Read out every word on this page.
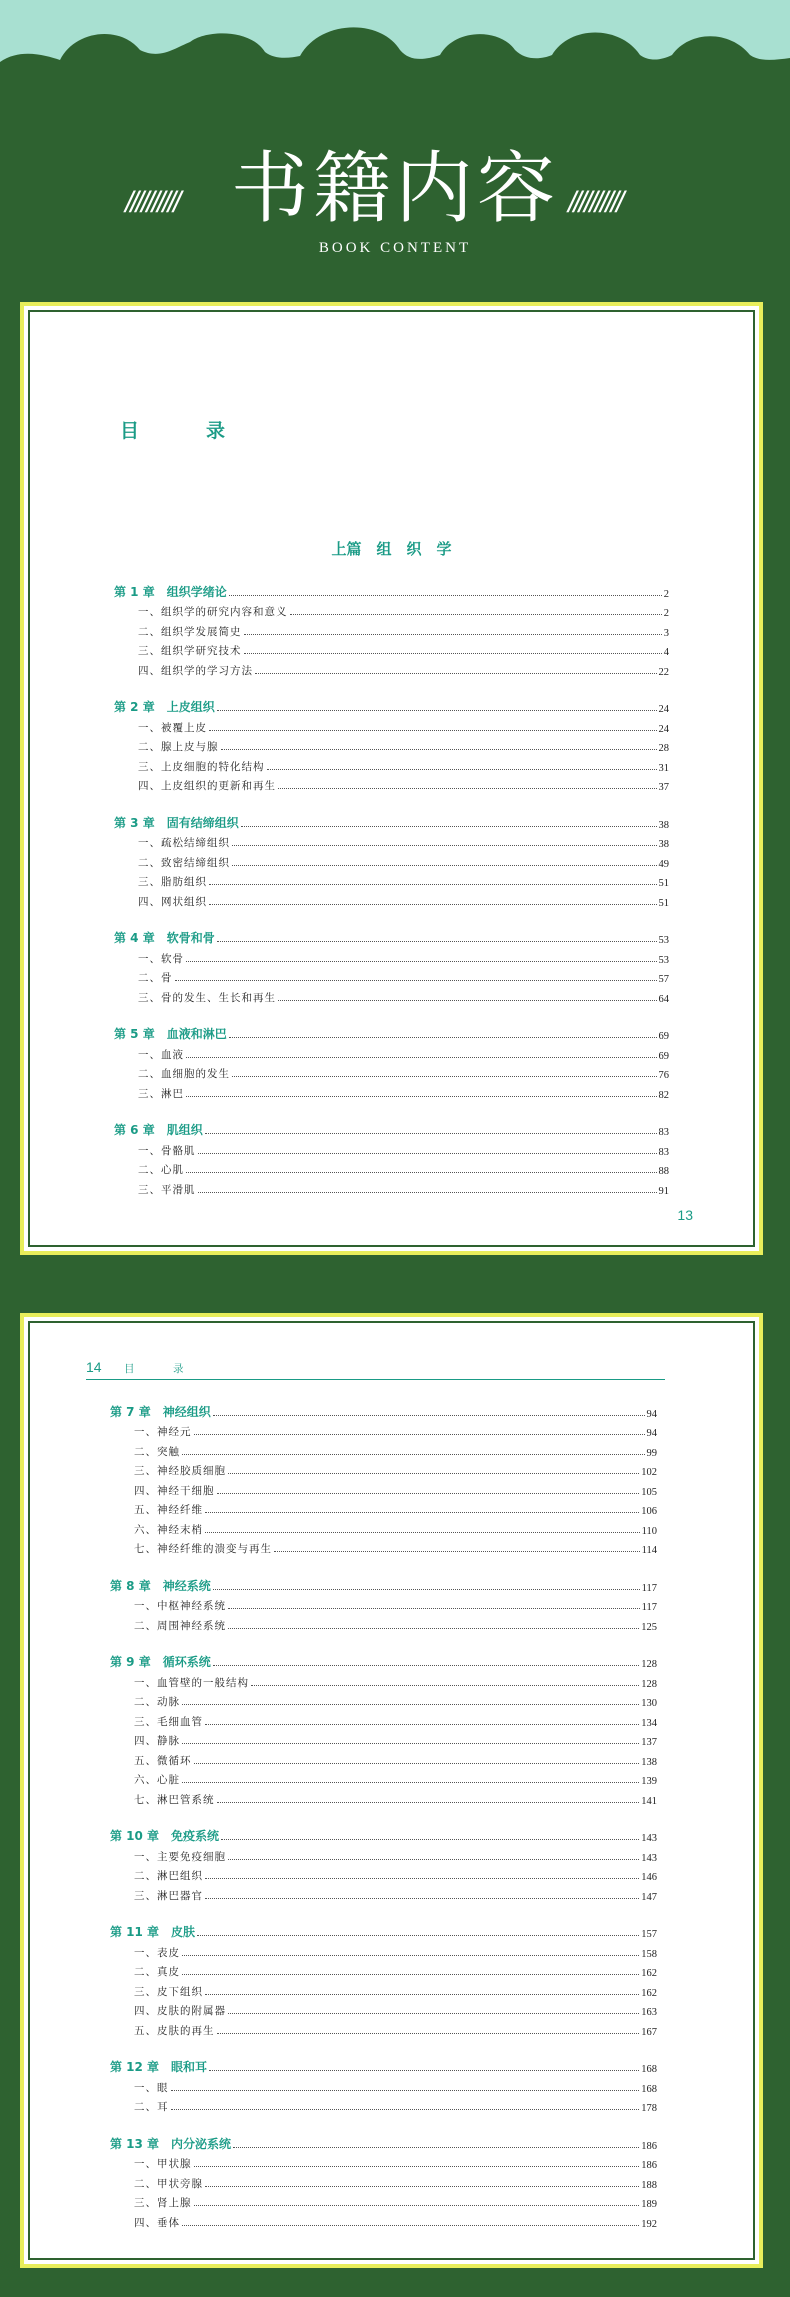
////////// 书籍内容 //////////
BOOK CONTENT
目　录
上篇　组　织　学
第 1 章　组织学绪论	2
一、组织学的研究内容和意义	2
二、组织学发展简史	3
三、组织学研究技术	4
四、组织学的学习方法	22
第 2 章　上皮组织	24
一、被覆上皮	24
二、腺上皮与腺	28
三、上皮细胞的特化结构	31
四、上皮组织的更新和再生	37
第 3 章　固有结缔组织	38
一、疏松结缔组织	38
二、致密结缔组织	49
三、脂肪组织	51
四、网状组织	51
第 4 章　软骨和骨	53
一、软骨	53
二、骨	57
三、骨的发生、生长和再生	64
第 5 章　血液和淋巴	69
一、血液	69
二、血细胞的发生	76
三、淋巴	82
第 6 章　肌组织	83
一、骨骼肌	83
二、心肌	88
三、平滑肌	91
13
14 目　录
第 7 章　神经组织	94
一、神经元	94
二、突触	99
三、神经胶质细胞	102
四、神经干细胞	105
五、神经纤维	106
六、神经末梢	110
七、神经纤维的溃变与再生	114
第 8 章　神经系统	117
一、中枢神经系统	117
二、周围神经系统	125
第 9 章　循环系统	128
一、血管壁的一般结构	128
二、动脉	130
三、毛细血管	134
四、静脉	137
五、微循环	138
六、心脏	139
七、淋巴管系统	141
第 10 章　免疫系统	143
一、主要免疫细胞	143
二、淋巴组织	146
三、淋巴器官	147
第 11 章　皮肤	157
一、表皮	158
二、真皮	162
三、皮下组织	162
四、皮肤的附属器	163
五、皮肤的再生	167
第 12 章　眼和耳	168
一、眼	168
二、耳	178
第 13 章　内分泌系统	186
一、甲状腺	186
二、甲状旁腺	188
三、肾上腺	189
四、垂体	192
